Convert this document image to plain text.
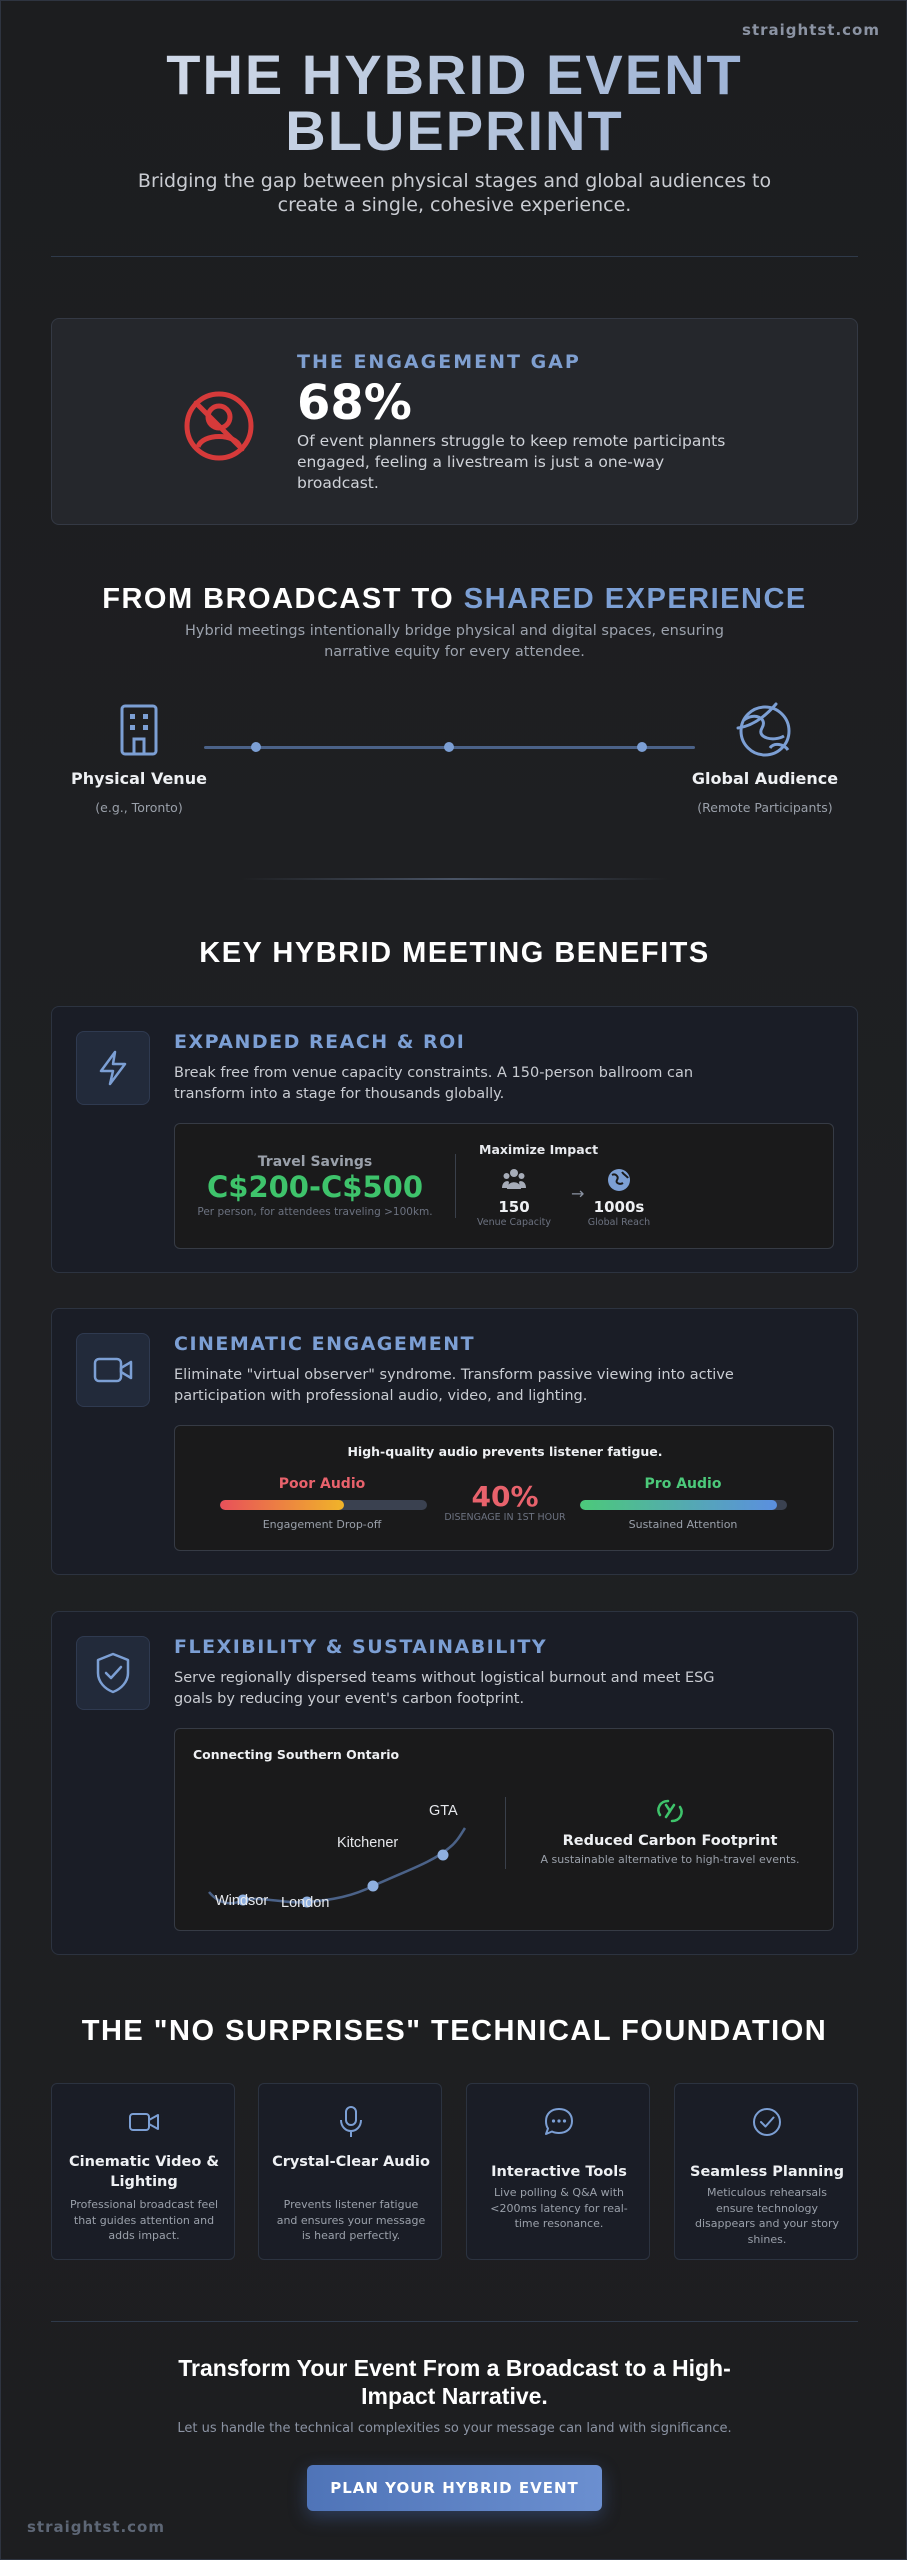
straightst.com
THE HYBRID EVENT
BLUEPRINT
Bridging the gap between physical stages and global audiences to create a single, cohesive experience.
THE ENGAGEMENT GAP
68%
Of event planners struggle to keep remote participants engaged, feeling a livestream is just a one-way broadcast.
FROM BROADCAST TO SHARED EXPERIENCE
Hybrid meetings intentionally bridge physical and digital spaces, ensuring narrative equity for every attendee.
Physical Venue
(e.g., Toronto)
Global Audience
(Remote Participants)
KEY HYBRID MEETING BENEFITS
EXPANDED REACH & ROI
Break free from venue capacity constraints. A 150-person ballroom can transform into a stage for thousands globally.
Travel Savings
C$200-C$500
Per person, for attendees traveling >100km.
Maximize Impact
150
Venue Capacity
→
1000s
Global Reach
CINEMATIC ENGAGEMENT
Eliminate "virtual observer" syndrome. Transform passive viewing into active participation with professional audio, video, and lighting.
High-quality audio prevents listener fatigue.
Poor Audio
Engagement Drop-off
40%
DISENGAGE IN 1ST HOUR
Pro Audio
Sustained Attention
FLEXIBILITY & SUSTAINABILITY
Serve regionally dispersed teams without logistical burnout and meet ESG goals by reducing your event's carbon footprint.
Connecting Southern Ontario
Windsor London
Kitchener
GTA
Reduced Carbon Footprint
A sustainable alternative to high-travel events.
THE "NO SURPRISES" TECHNICAL FOUNDATION
Cinematic Video & Lighting
Professional broadcast feel that guides attention and adds impact.
Crystal-Clear Audio
Prevents listener fatigue and ensures your message is heard perfectly.
Interactive Tools
Live polling & Q&A with <200ms latency for real-time resonance.
Seamless Planning
Meticulous rehearsals ensure technology disappears and your story shines.
Transform Your Event From a Broadcast to a High-Impact Narrative.
Let us handle the technical complexities so your message can land with significance.
PLAN YOUR HYBRID EVENT
straightst.com
